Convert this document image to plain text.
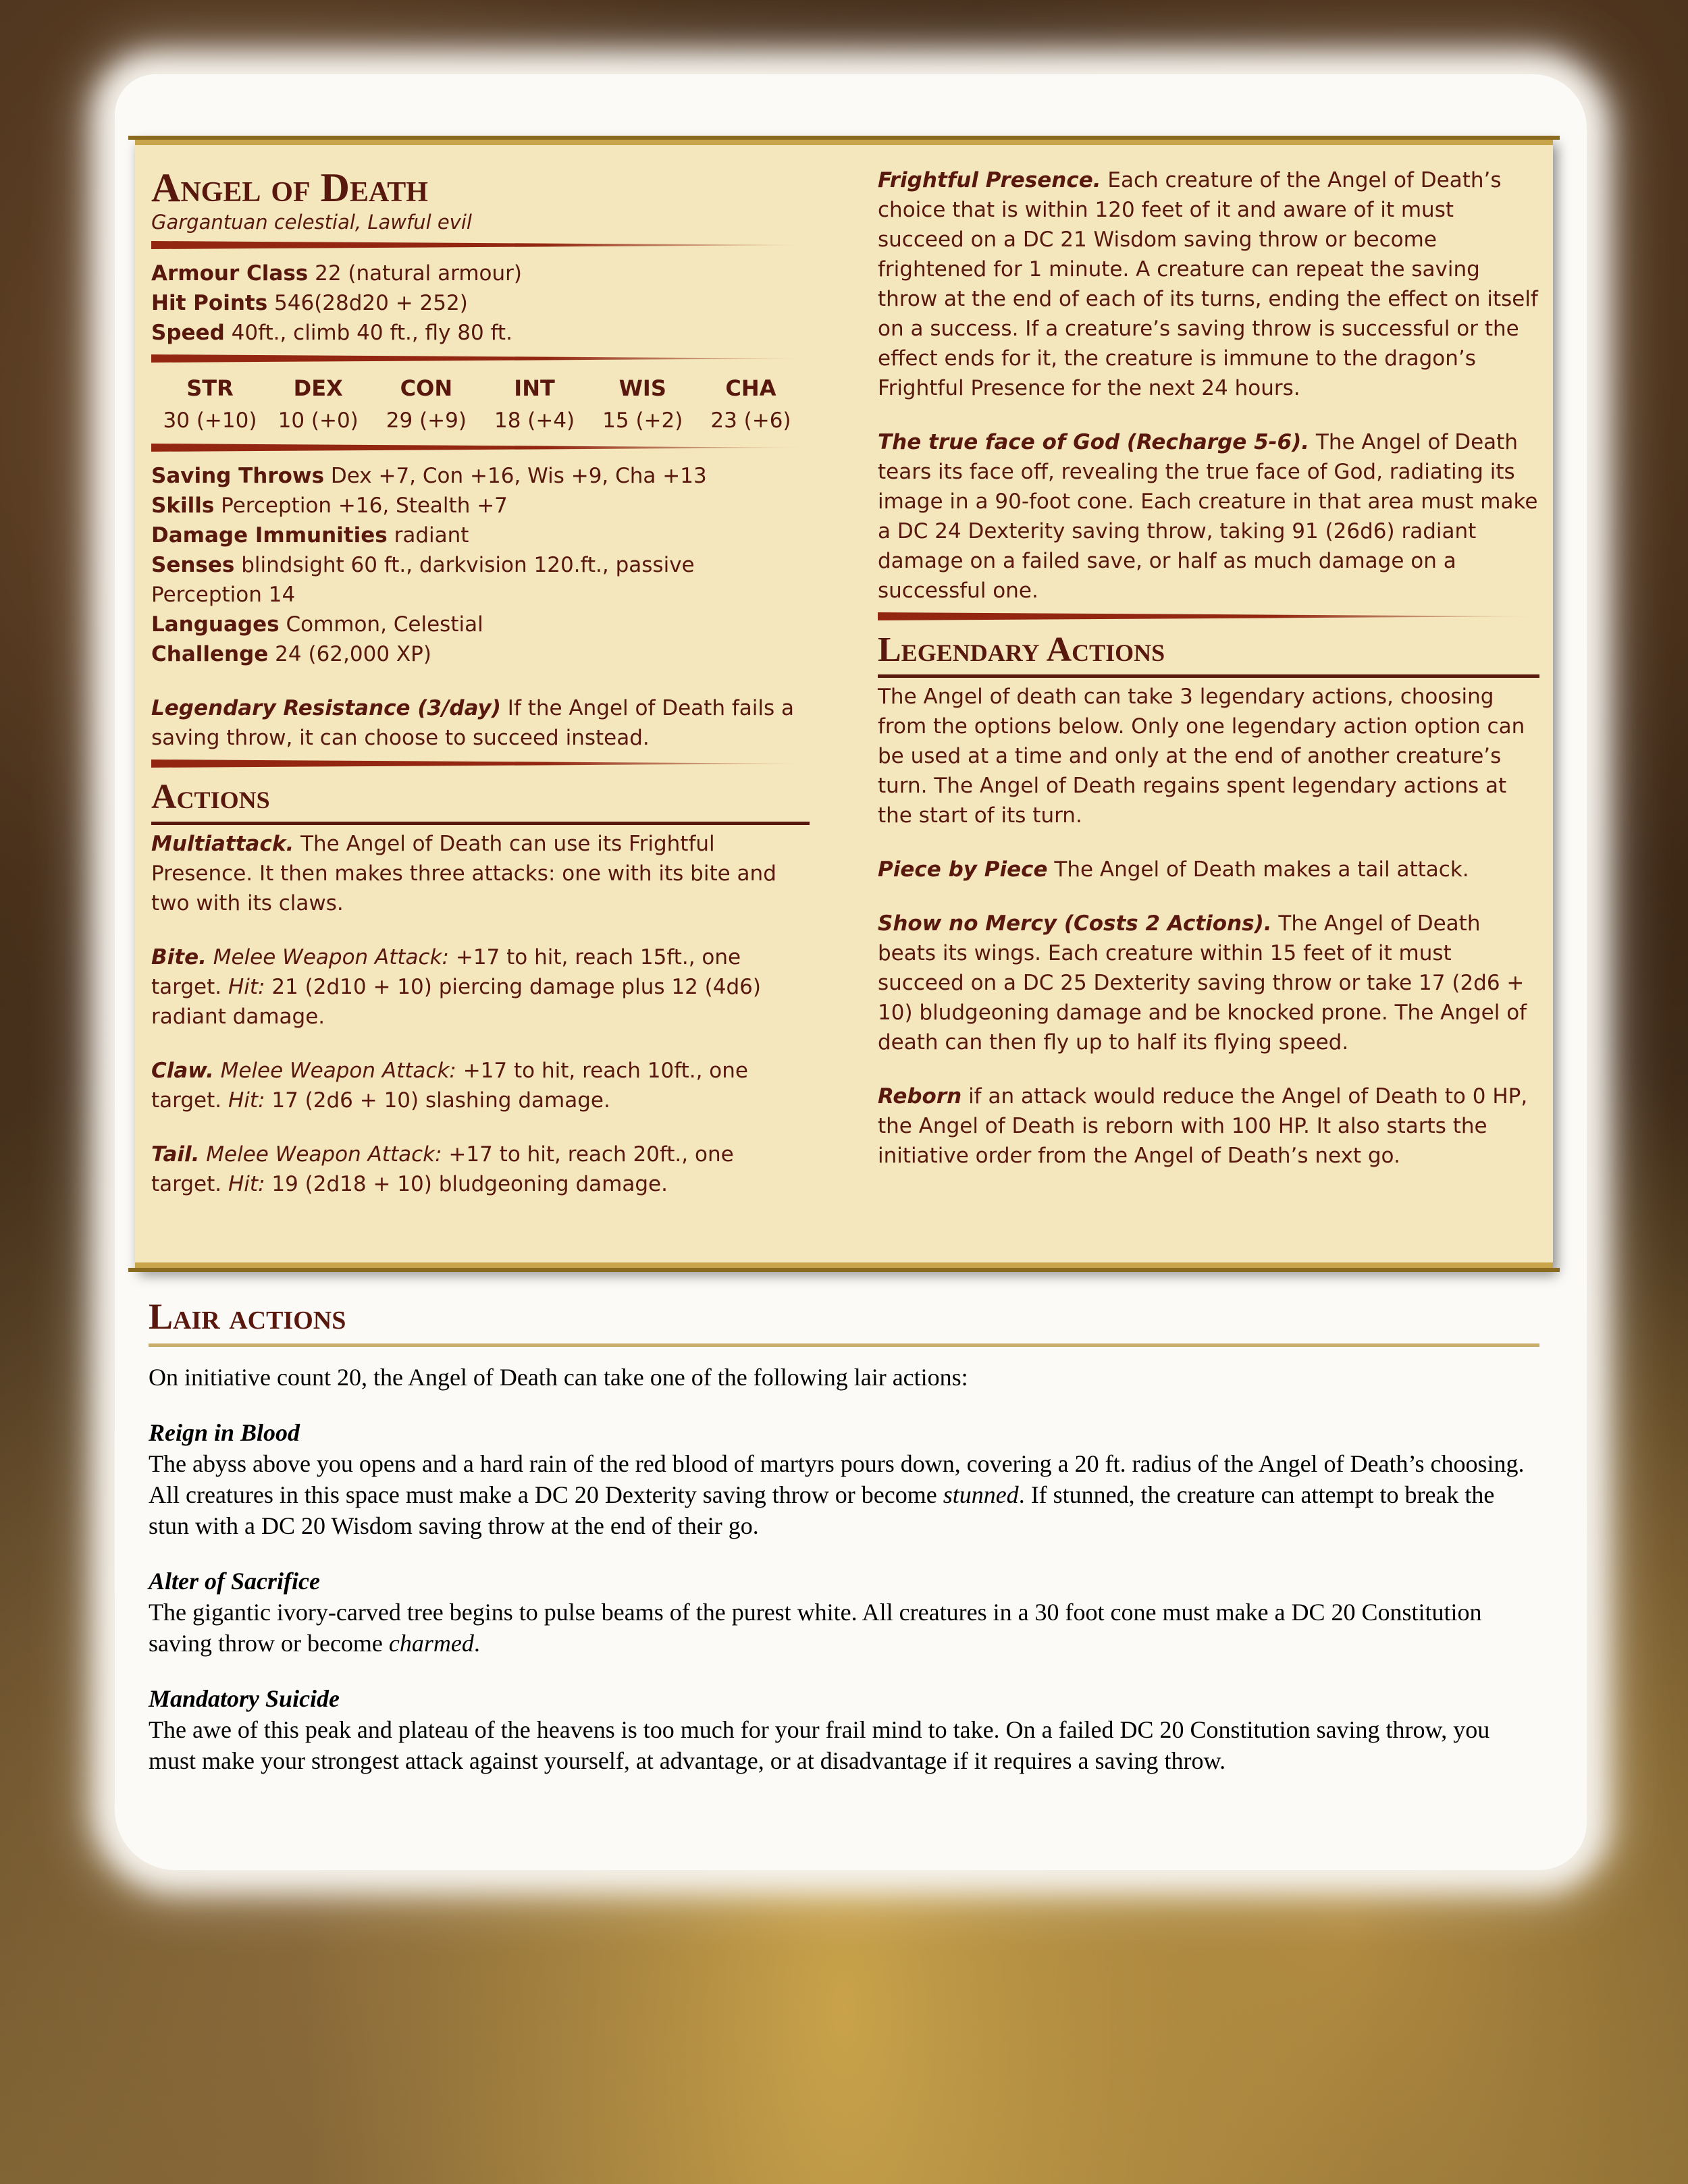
Angel of Death

Gargantuan celestial, Lawful evil

Armour Class 22 (natural armour)
Hit Points 546(28d20 + 252)
Speed 40ft., climb 40 ft., fly 80 ft.
STR
30 (+10)
DEX
10 (+0)
CON
29 (+9)
INT
18 (+4)
WIS
15 (+2)
CHA
23 (+6)
Saving Throws Dex +7, Con +16, Wis +9, Cha +13
Skills Perception +16, Stealth +7
Damage Immunities radiant
Senses blindsight 60 ft., darkvision 120.ft., passive Perception 14
Languages Common, Celestial
Challenge 24 (62,000 XP)

Legendary Resistance (3/day) If the Angel of Death fails a saving throw, it can choose to succeed instead.

Actions

Multiattack. The Angel of Death can use its Frightful Presence. It then makes three attacks: one with its bite and two with its claws.

Bite. Melee Weapon Attack: +17 to hit, reach 15ft., one target. Hit: 21 (2d10 + 10) piercing damage plus 12 (4d6) radiant damage.

Claw. Melee Weapon Attack: +17 to hit, reach 10ft., one target. Hit: 17 (2d6 + 10) slashing damage.

Tail. Melee Weapon Attack: +17 to hit, reach 20ft., one target. Hit: 19 (2d18 + 10) bludgeoning damage.

Frightful Presence. Each creature of the Angel of Death’s choice that is within 120 feet of it and aware of it must succeed on a DC 21 Wisdom saving throw or become frightened for 1 minute. A creature can repeat the saving throw at the end of each of its turns, ending the effect on itself on a success. If a creature’s saving throw is successful or the effect ends for it, the creature is immune to the dragon’s Frightful Presence for the next 24 hours.

The true face of God (Recharge 5-6). The Angel of Death tears its face off, revealing the true face of God, radiating its image in a 90-foot cone. Each creature in that area must make a DC 24 Dexterity saving throw, taking 91 (26d6) radiant damage on a failed save, or half as much damage on a successful one.

Legendary Actions

The Angel of death can take 3 legendary actions, choosing from the options below. Only one legendary action option can be used at a time and only at the end of another creature’s turn. The Angel of Death regains spent legendary actions at the start of its turn.

Piece by Piece The Angel of Death makes a tail attack.

Show no Mercy (Costs 2 Actions). The Angel of Death beats its wings. Each creature within 15 feet of it must succeed on a DC 25 Dexterity saving throw or take 17 (2d6 + 10) bludgeoning damage and be knocked prone. The Angel of death can then fly up to half its flying speed.

Reborn if an attack would reduce the Angel of Death to 0 HP, the Angel of Death is reborn with 100 HP. It also starts the initiative order from the Angel of Death’s next go.

Lair actions

On initiative count 20, the Angel of Death can take one of the following lair actions:

Reign in Blood

The abyss above you opens and a hard rain of the red blood of martyrs pours down, covering a 20 ft. radius of the Angel of Death’s choosing. All creatures in this space must make a DC 20 Dexterity saving throw or become stunned. If stunned, the creature can attempt to break the stun with a DC 20 Wisdom saving throw at the end of their go.

Alter of Sacrifice

The gigantic ivory-carved tree begins to pulse beams of the purest white. All creatures in a 30 foot cone must make a DC 20 Constitution saving throw or become charmed.

Mandatory Suicide

The awe of this peak and plateau of the heavens is too much for your frail mind to take. On a failed DC 20 Constitution saving throw, you must make your strongest attack against yourself, at advantage, or at disadvantage if it requires a saving throw.
